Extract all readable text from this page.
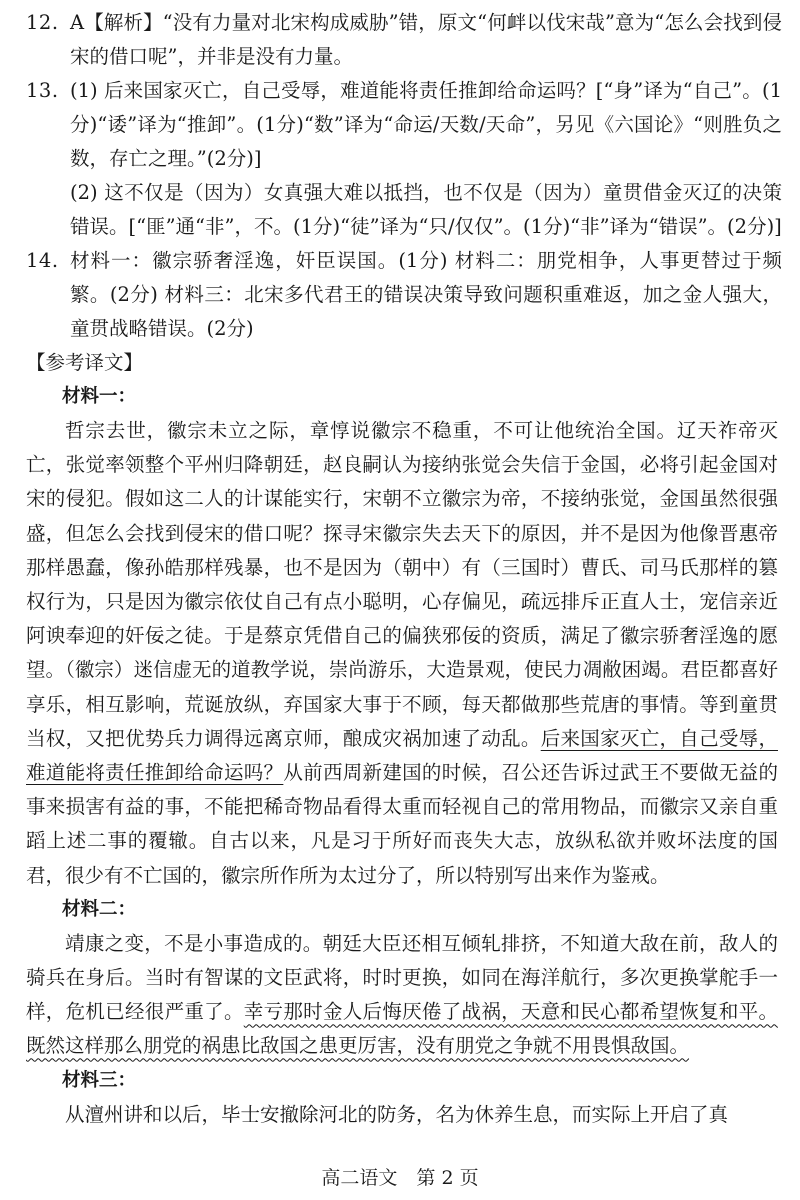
12. A【解析】“没有力量对北宋构成威胁”错，原文“何衅以伐宋哉”意为“怎么会找到侵宋的借口呢”，并非是没有力量。
13. (1) 后来国家灭亡，自己受辱，难道能将责任推卸给命运吗？[“身”译为“自己”。(1分)“诿”译为“推卸”。(1分)“数”译为“命运/天数/天命”，另见《六国论》“则胜负之数，存亡之理。”(2分)]
(2) 这不仅是（因为）女真强大难以抵挡，也不仅是（因为）童贯借金灭辽的决策错误。[“匪”通“非”，不。(1分)“徒”译为“只/仅仅”。(1分)“非”译为“错误”。(2分)]
14. 材料一：徽宗骄奢淫逸，奸臣误国。(1分) 材料二：朋党相争，人事更替过于频繁。(2分) 材料三：北宋多代君王的错误决策导致问题积重难返，加之金人强大，童贯战略错误。(2分)
【参考译文】
材料一：
哲宗去世，徽宗未立之际，章惇说徽宗不稳重，不可让他统治全国。辽天祚帝灭亡，张觉率领整个平州归降朝廷，赵良嗣认为接纳张觉会失信于金国，必将引起金国对宋的侵犯。假如这二人的计谋能实行，宋朝不立徽宗为帝，不接纳张觉，金国虽然很强盛，但怎么会找到侵宋的借口呢？探寻宋徽宗失去天下的原因，并不是因为他像晋惠帝那样愚蠢，像孙皓那样残暴，也不是因为（朝中）有（三国时）曹氏、司马氏那样的篡权行为，只是因为徽宗依仗自己有点小聪明，心存偏见，疏远排斥正直人士，宠信亲近阿谀奉迎的奸佞之徒。于是蔡京凭借自己的偏狭邪佞的资质，满足了徽宗骄奢淫逸的愿望。（徽宗）迷信虚无的道教学说，崇尚游乐，大造景观，使民力凋敝困竭。君臣都喜好享乐，相互影响，荒诞放纵，弃国家大事于不顾，每天都做那些荒唐的事情。等到童贯当权，又把优势兵力调得远离京师，酿成灾祸加速了动乱。后来国家灭亡，自己受辱，难道能将责任推卸给命运吗？从前西周新建国的时候，召公还告诉过武王不要做无益的事来损害有益的事，不能把稀奇物品看得太重而轻视自己的常用物品，而徽宗又亲自重蹈上述二事的覆辙。自古以来，凡是习于所好而丧失大志，放纵私欲并败坏法度的国君，很少有不亡国的，徽宗所作所为太过分了，所以特别写出来作为鉴戒。
材料二：
靖康之变，不是小事造成的。朝廷大臣还相互倾轧排挤，不知道大敌在前，敌人的骑兵在身后。当时有智谋的文臣武将，时时更换，如同在海洋航行，多次更换掌舵手一样，危机已经很严重了。幸亏那时金人后悔厌倦了战祸，天意和民心都希望恢复和平。既然这样那么朋党的祸患比敌国之患更厉害，没有朋党之争就不用畏惧敌国。
材料三：
从澶州讲和以后，毕士安撤除河北的防务，名为休养生息，而实际上开启了真
高二语文　第 2 页
